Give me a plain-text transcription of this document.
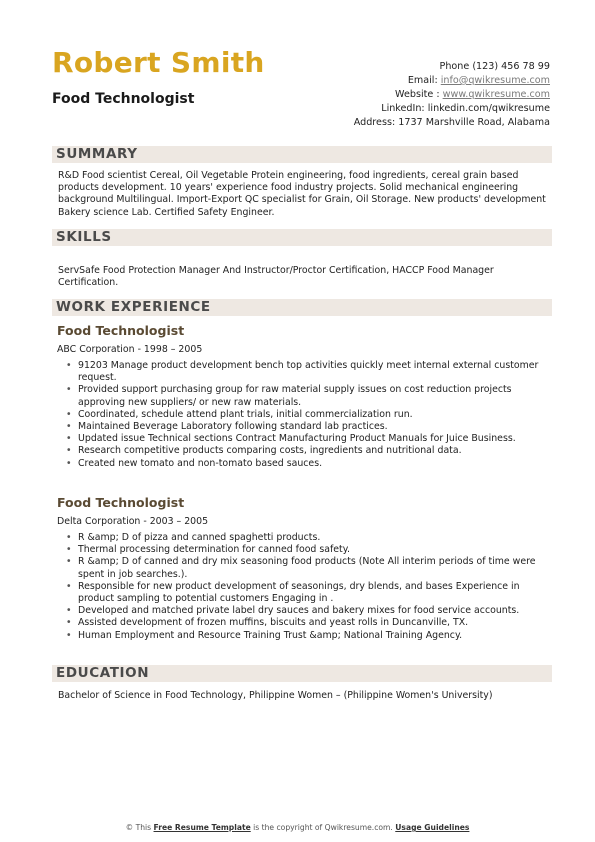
Robert Smith
Food Technologist
Phone (123) 456 78 99
Email: info@qwikresume.com
Website : www.qwikresume.com
LinkedIn: linkedin.com/qwikresume
Address: 1737 Marshville Road, Alabama
SUMMARY
R&D Food scientist Cereal, Oil Vegetable Protein engineering, food ingredients, cereal grain based products development. 10 years' experience food industry projects. Solid mechanical engineering background Multilingual. Import-Export QC specialist for Grain, Oil Storage. New products' development Bakery science Lab. Certified Safety Engineer.
SKILLS
ServSafe Food Protection Manager And Instructor/Proctor Certification, HACCP Food Manager Certification.
WORK EXPERIENCE
Food Technologist
ABC Corporation - 1998 – 2005
• 91203 Manage product development bench top activities quickly meet internal external customer request.
• Provided support purchasing group for raw material supply issues on cost reduction projects approving new suppliers/ or new raw materials.
• Coordinated, schedule attend plant trials, initial commercialization run.
• Maintained Beverage Laboratory following standard lab practices.
• Updated issue Technical sections Contract Manufacturing Product Manuals for Juice Business.
• Research competitive products comparing costs, ingredients and nutritional data.
• Created new tomato and non-tomato based sauces.
Food Technologist
Delta Corporation - 2003 – 2005
• R &amp; D of pizza and canned spaghetti products.
• Thermal processing determination for canned food safety.
• R &amp; D of canned and dry mix seasoning food products (Note All interim periods of time were spent in job searches.).
• Responsible for new product development of seasonings, dry blends, and bases Experience in product sampling to potential customers Engaging in .
• Developed and matched private label dry sauces and bakery mixes for food service accounts.
• Assisted development of frozen muffins, biscuits and yeast rolls in Duncanville, TX.
• Human Employment and Resource Training Trust &amp; National Training Agency.
EDUCATION
Bachelor of Science in Food Technology, Philippine Women – (Philippine Women's University)
© This Free Resume Template is the copyright of Qwikresume.com. Usage Guidelines
